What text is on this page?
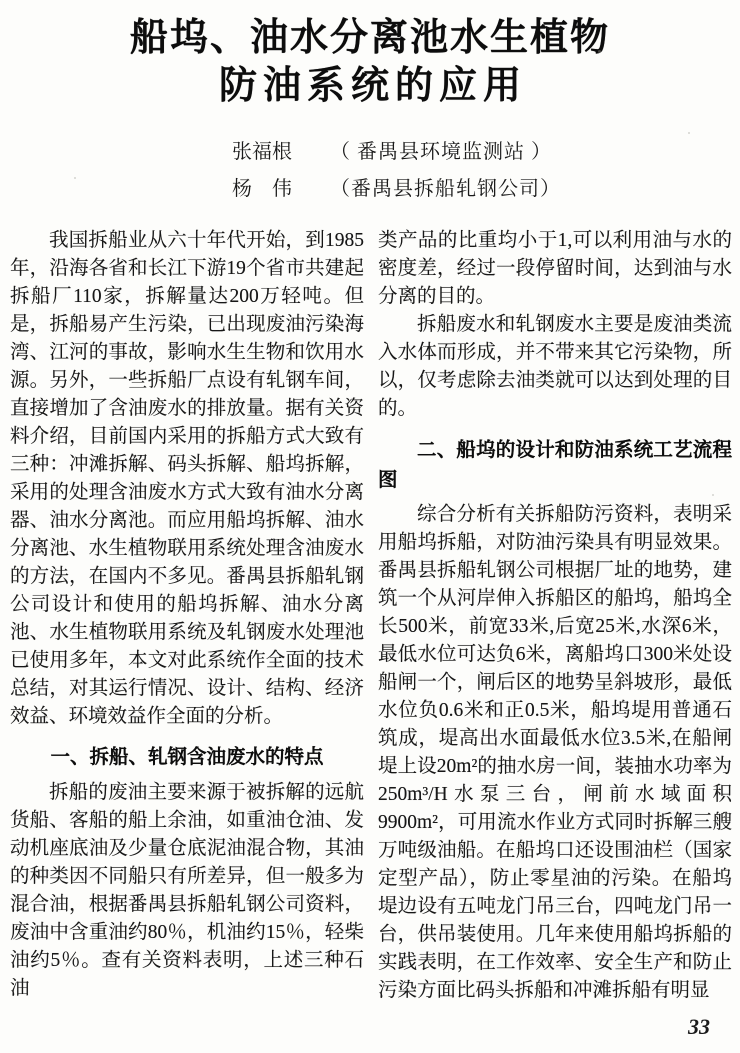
船坞、油水分离池水生植物
防油系统的应用
张福根	（ 番禺县环境监测站 ）
杨　伟	（番禺县拆船轧钢公司）

我国拆船业从六十年代开始，到1985年，沿海各省和长江下游19个省市共建起拆船厂110家，拆解量达200万轻吨。但是，拆船易产生污染，已出现废油污染海湾、江河的事故，影响水生生物和饮用水源。另外，一些拆船厂点设有轧钢车间，直接增加了含油废水的排放量。据有关资料介绍，目前国内采用的拆船方式大致有三种：冲滩拆解、码头拆解、船坞拆解，采用的处理含油废水方式大致有油水分离器、油水分离池。而应用船坞拆解、油水分离池、水生植物联用系统处理含油废水的方法，在国内不多见。番禺县拆船轧钢公司设计和使用的船坞拆解、油水分离池、水生植物联用系统及轧钢废水处理池已使用多年，本文对此系统作全面的技术总结，对其运行情况、设计、结构、经济效益、环境效益作全面的分析。

一、拆船、轧钢含油废水的特点

拆船的废油主要来源于被拆解的远航货船、客船的船上余油，如重油仓油、发动机座底油及少量仓底泥油混合物，其油的种类因不同船只有所差异，但一般多为混合油，根据番禺县拆船轧钢公司资料，废油中含重油约80％，机油约15％，轻柴油约5％。查有关资料表明，上述三种石油

类产品的比重均小于1,可以利用油与水的密度差，经过一段停留时间，达到油与水分离的目的。

拆船废水和轧钢废水主要是废油类流入水体而形成，并不带来其它污染物，所以，仅考虑除去油类就可以达到处理的目的。

二、船坞的设计和防油系统工艺流程图

综合分析有关拆船防污资料，表明采用船坞拆船，对防油污染具有明显效果。番禺县拆船轧钢公司根据厂址的地势，建筑一个从河岸伸入拆船区的船坞，船坞全长500米，前宽33米,后宽25米,水深6米，最低水位可达负6米，离船坞口300米处设船闸一个，闸后区的地势呈斜坡形，最低水位负0.6米和正0.5米，船坞堤用普通石筑成，堤高出水面最低水位3.5米,在船闸堤上设20m²的抽水房一间，装抽水功率为250m³/H水泵三台，闸前水域面积9900m²，可用流水作业方式同时拆解三艘万吨级油船。在船坞口还设围油栏（国家定型产品），防止零星油的污染。在船坞堤边设有五吨龙门吊三台，四吨龙门吊一台，供吊装使用。几年来使用船坞拆船的实践表明，在工作效率、安全生产和防止污染方面比码头拆船和冲滩拆船有明显

33
